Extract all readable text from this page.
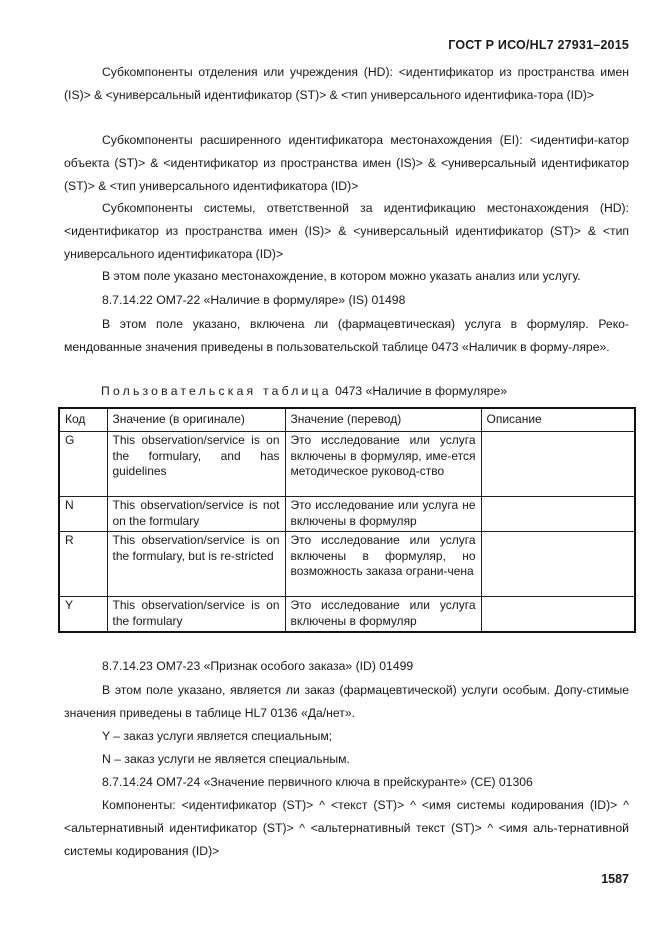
ГОСТ Р ИСО/HL7 27931–2015

Субкомпоненты отделения или учреждения (HD): <идентификатор из пространства имен (IS)> & <универсальный идентификатор (ST)> & <тип универсального идентифика-тора (ID)>

Субкомпоненты расширенного идентификатора местонахождения (EI): <идентифи-катор объекта (ST)> & <идентификатор из пространства имен (IS)> & <универсальный идентификатор (ST)> & <тип универсального идентификатора (ID)>

Субкомпоненты системы, ответственной за идентификацию местонахождения (HD): <идентификатор из пространства имен (IS)> & <универсальный идентификатор (ST)> & <тип универсального идентификатора (ID)>

В этом поле указано местонахождение, в котором можно указать анализ или услугу.

8.7.14.22 OM7-22 «Наличие в формуляре» (IS) 01498

В этом поле указано, включена ли (фармацевтическая) услуга в формуляр. Реко-мендованные значения приведены в пользовательской таблице 0473 «Наличик в форму-ляре».

Пользовательская таблица 0473 «Наличие в формуляре»
Код	Значение (в оригинале)	Значение (перевод)	Описание
G	This observation/service is on the formulary, and has guidelines	Это исследование или услуга включены в формуляр, име-ется методическое руковод-ство	
N	This observation/service is not on the formulary	Это исследование или услуга не включены в формуляр	
R	This observation/service is on the formulary, but is re-stricted	Это исследование или услуга включены в формуляр, но возможность заказа ограни-чена	
Y	This observation/service is on the formulary	Это исследование или услуга включены в формуляр	

8.7.14.23 OM7-23 «Признак особого заказа» (ID) 01499

В этом поле указано, является ли заказ (фармацевтической) услуги особым. Допу-стимые значения приведены в таблице HL7 0136 «Да/нет».

Y – заказ услуги является специальным;

N – заказ услуги не является специальным.

8.7.14.24 OM7-24 «Значение первичного ключа в прейскуранте» (CE) 01306

Компоненты: <идентификатор (ST)> ^ <текст (ST)> ^ <имя системы кодирования (ID)> ^ <альтернативный идентификатор (ST)> ^ <альтернативный текст (ST)> ^ <имя аль-тернативной системы кодирования (ID)>

1587
